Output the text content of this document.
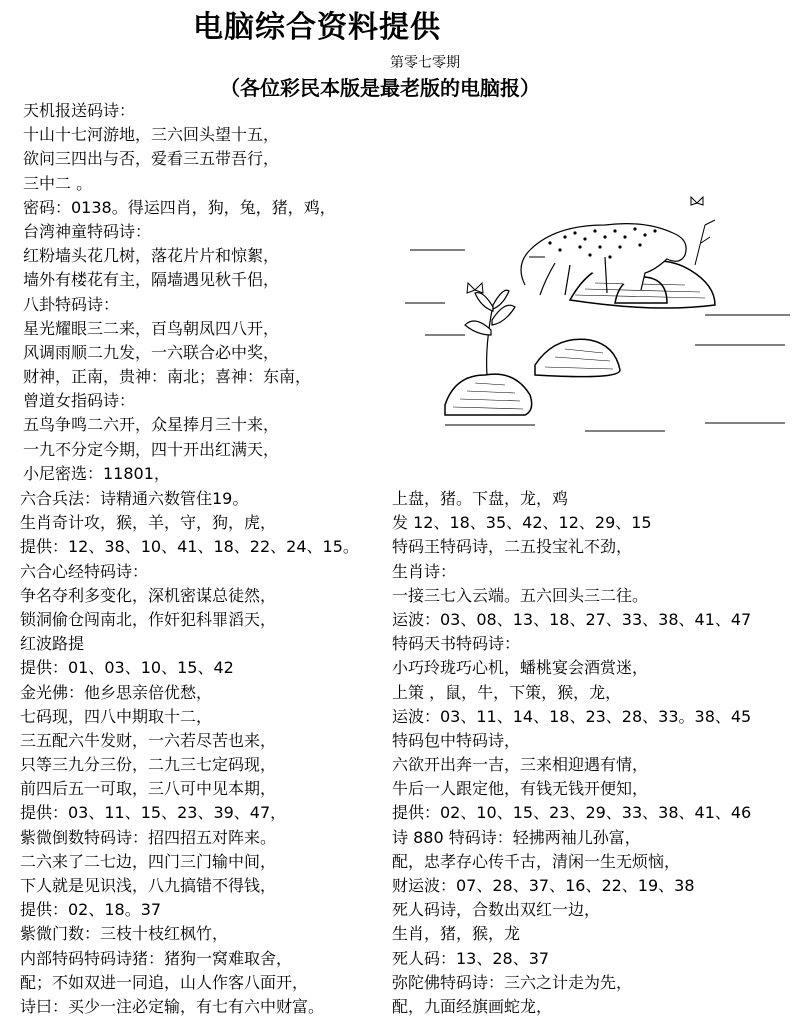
电脑综合资料提供
第零七零期
（各位彩民本版是最老版的电脑报）
天机报送码诗：
十山十七河游地，三六回头望十五，
欲问三四出与否，爱看三五带吾行，
三中二 。
密码：0138。得运四肖，狗，兔，猪，鸡，
台湾神童特码诗：
红粉墙头花几树，落花片片和惊絮，
墙外有楼花有主，隔墙遇见秋千侣，
八卦特码诗：
星光耀眼三二来，百鸟朝凤四八开，
风调雨顺二九发，一六联合必中奖，
财神，正南，贵神：南北；喜神：东南，
曾道女指码诗：
五鸟争鸣二六开，众星捧月三十来，
一九不分定今期，四十开出红满天，
小尼密选：11801，
六合兵法：诗精通六数管住19。
生肖奇计攻，猴，羊，守，狗，虎，
提供：12、38、10、41、18、22、24、15。
六合心经特码诗：
争名夺利多变化，深机密谋总徒然，
锁洞偷仓闯南北，作奸犯科罪滔天，
红波路提
提供：01、03、10、15、42
金光佛：他乡思亲倍优愁，
七码现，四八中期取十二，
三五配六牛发财，一六若尽苦也来，
只等三九分三份，二九三七定码现，
前四后五一可取，三八可中见本期，
提供：03、11、15、23、39、47，
紫微倒数特码诗：招四招五对阵来。
二六来了二七边，四门三门输中间，
下人就是见识浅，八九搞错不得钱，
提供：02、18。37
紫微门数：三枝十枝红枫竹，
内部特码特码诗猪：猪狗一窝难取舍，
配；不如双进一同追，山人作客八面开，
诗曰：买少一注必定输，有七有六中财富。
上盘，猪。下盘，龙，鸡
发 12、18、35、42、12、29、15
特码王特码诗，二五投宝礼不劲，
生肖诗：
一接三七入云端。五六回头三二往。
运波：03、08、13、18、27、33、38、41、47
特码天书特码诗：
小巧玲珑巧心机，蟠桃宴会酒赏迷，
上策 ，鼠，牛，下策，猴，龙，
运波：03、11、14、18、23、28、33。38、45
特码包中特码诗，
六欲开出奔一吉，三来相迎遇有情，
牛后一人跟定他，有钱无钱开便知，
提供：02、10、15、23、29、33、38、41、46
诗 880 特码诗：轻拂两袖儿孙富，
配，忠孝存心传千古，清闲一生无烦恼，
财运波：07、28、37、16、22、19、38
死人码诗，合数出双红一边，
生肖，猪，猴，龙
死人码：13、28、37
弥陀佛特码诗：三六之计走为先，
配，九面经旗画蛇龙，
